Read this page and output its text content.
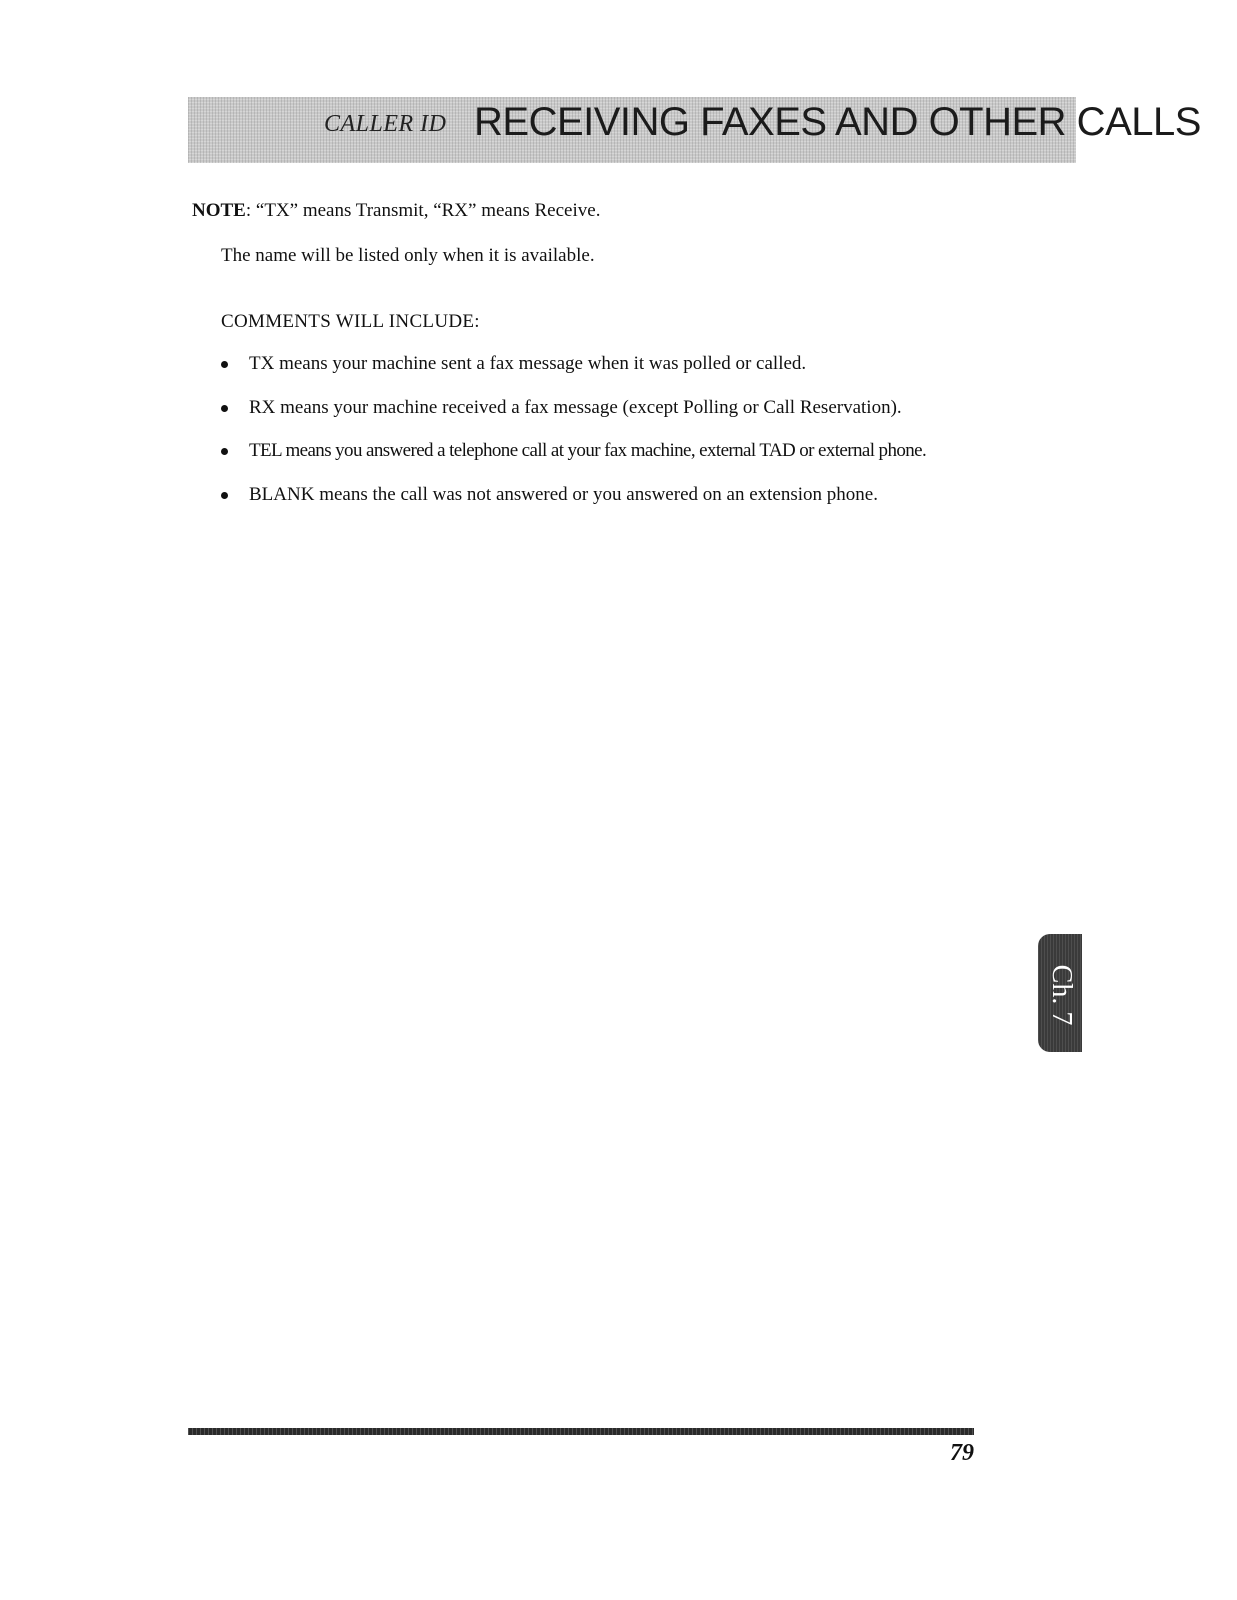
CALLER ID RECEIVING FAXES AND OTHER CALLS
NOTE: “TX” means Transmit, “RX” means Receive.
The name will be listed only when it is available.
COMMENTS WILL INCLUDE:
TX means your machine sent a fax message when it was polled or called.
RX means your machine received a fax message (except Polling or Call Reservation).
TEL means you answered a telephone call at your fax machine, external TAD or external phone.
BLANK means the call was not answered or you answered on an extension phone.
Ch. 7
79
